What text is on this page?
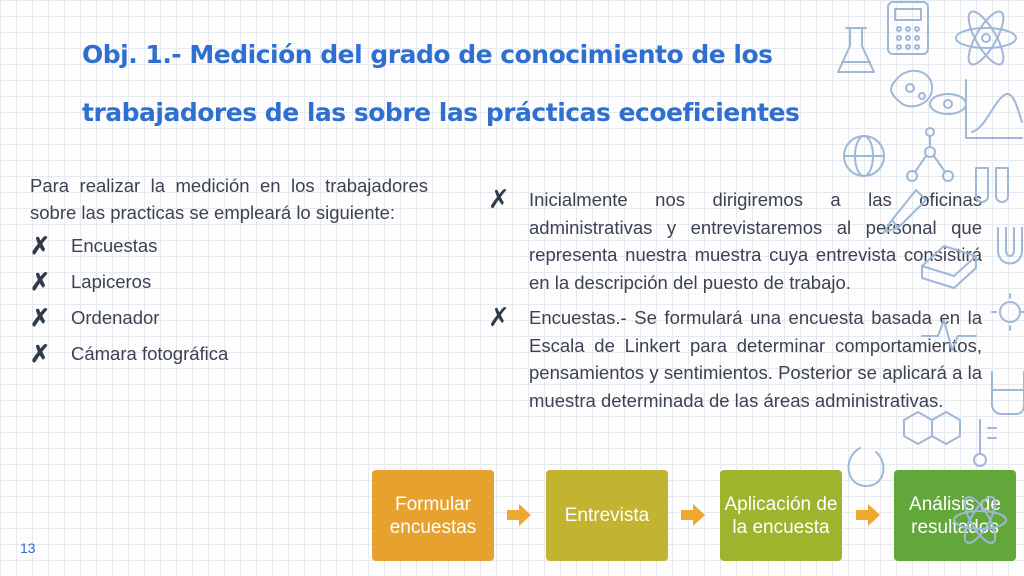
Obj. 1.- Medición del grado de conocimiento de los trabajadores de las sobre las prácticas ecoeficientes

Para realizar la medición en los trabajadores sobre las practicas se empleará lo siguiente:

✗	Encuestas
✗	Lapiceros
✗	Ordenador
✗	Cámara fotográfica
✗	Inicialmente nos dirigiremos a las oficinas administrativas y entrevistaremos al personal que representa nuestra muestra cuya entrevista consistirá en la descripción del puesto de trabajo.

✗	Encuestas.- Se formulará una encuesta basada en la Escala de Linkert para determinar comportamientos, pensamientos y sentimientos. Posterior se aplicará a la muestra determinada de las áreas administrativas.

Formular encuestas
Entrevista
Aplicación de la encuesta
Análisis de resultados
13
